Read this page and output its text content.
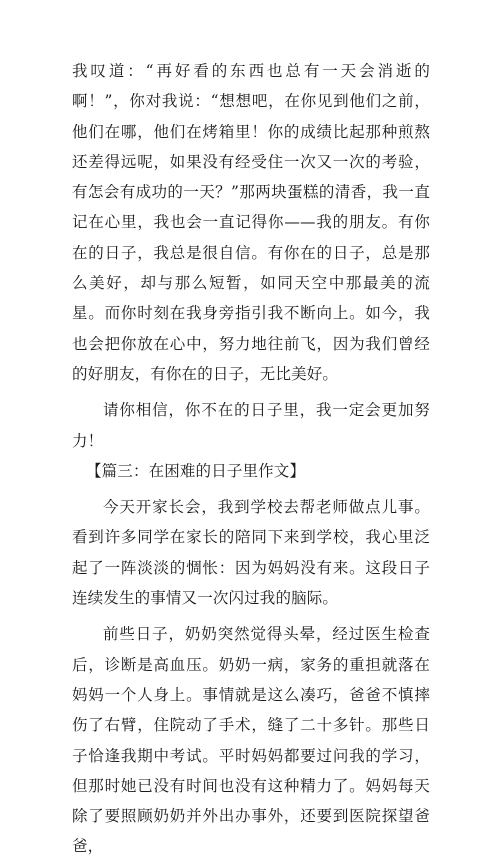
我叹道：“再好看的东西也总有一天会消逝的啊！”，你对我说：“想想吧，在你见到他们之前，他们在哪，他们在烤箱里！你的成绩比起那种煎熬还差得远呢，如果没有经受住一次又一次的考验，有怎会有成功的一天？”那两块蛋糕的清香，我一直记在心里，我也会一直记得你——我的朋友。有你在的日子，我总是很自信。有你在的日子，总是那么美好，却与那么短暂，如同天空中那最美的流星。而你时刻在我身旁指引我不断向上。如今，我也会把你放在心中，努力地往前飞，因为我们曾经的好朋友，有你在的日子，无比美好。

请你相信，你不在的日子里，我一定会更加努力！

【篇三：在困难的日子里作文】

今天开家长会，我到学校去帮老师做点儿事。看到许多同学在家长的陪同下来到学校，我心里泛起了一阵淡淡的惆怅：因为妈妈没有来。这段日子连续发生的事情又一次闪过我的脑际。

前些日子，奶奶突然觉得头晕，经过医生检查后，诊断是高血压。奶奶一病，家务的重担就落在妈妈一个人身上。事情就是这么凑巧，爸爸不慎摔伤了右臂，住院动了手术，缝了二十多针。那些日子恰逢我期中考试。平时妈妈都要过问我的学习，但那时她已没有时间也没有这种精力了。妈妈每天除了要照顾奶奶并外出办事外，还要到医院探望爸爸，
